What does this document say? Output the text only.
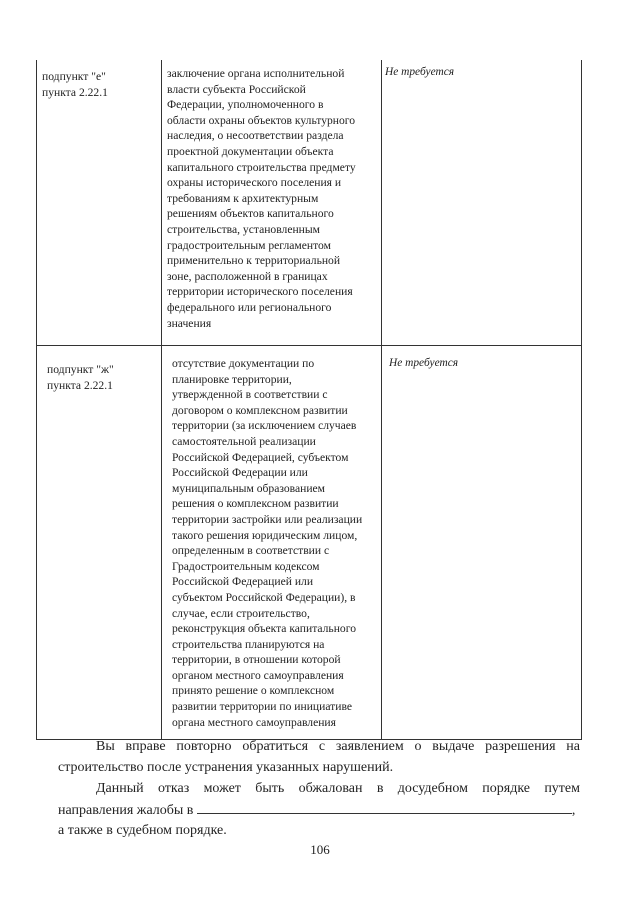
подпункт "е"
пункта 2.22.1
заключение органа исполнительной
власти субъекта Российской
Федерации, уполномоченного в
области охраны объектов культурного
наследия, о несоответствии раздела
проектной документации объекта
капитального строительства предмету
охраны исторического поселения и
требованиям к архитектурным
решениям объектов капитального
строительства, установленным
градостроительным регламентом
применительно к территориальной
зоне, расположенной в границах
территории исторического поселения
федерального или регионального
значения
Не требуется
подпункт "ж"
пункта 2.22.1
отсутствие документации по
планировке территории,
утвержденной в соответствии с
договором о комплексном развитии
территории (за исключением случаев
самостоятельной реализации
Российской Федерацией, субъектом
Российской Федерации или
муниципальным образованием
решения о комплексном развитии
территории застройки или реализации
такого решения юридическим лицом,
определенным в соответствии с
Градостроительным кодексом
Российской Федерацией или
субъектом Российской Федерации), в
случае, если строительство,
реконструкция объекта капитального
строительства планируются на
территории, в отношении которой
органом местного самоуправления
принято решение о комплексном
развитии территории по инициативе
органа местного самоуправления
Не требуется
Вы вправе повторно обратиться с заявлением о выдаче разрешения на
строительство после устранения указанных нарушений.
Данный отказ может быть обжалован в досудебном порядке путем
направления жалобы в	,
а также в судебном порядке.
106
